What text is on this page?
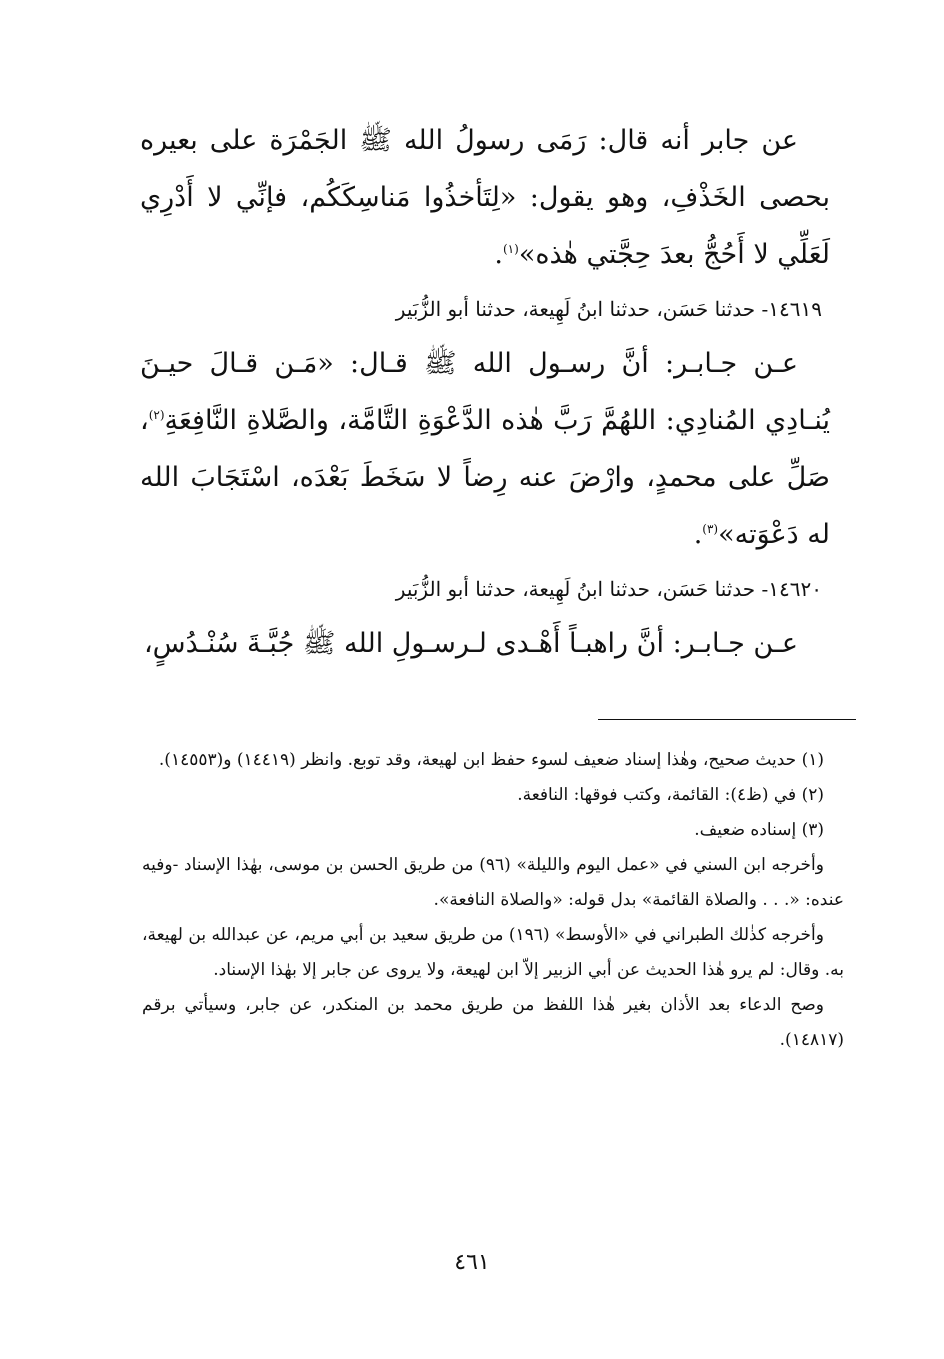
عن جابر أنه قال: رَمَى رسولُ الله ﷺ الجَمْرَة على بعيره بحصى الخَذْفِ، وهو يقول: «لِتَأخذُوا مَناسِكَكُم، فإنِّي لا أَدْرِي لَعَلِّي لا أَحُجُّ بعدَ حِجَّتي هٰذه»$^{(١)}$.

١٤٦١٩- حدثنا حَسَن، حدثنا ابنُ لَهِيعة، حدثنا أبو الزُّبَير

عـن جـابـر: أنَّ رسـول الله ﷺ قـال: «مَـن قـالَ حيـنَ يُنـادِي المُنادِي: اللهُمَّ رَبَّ هٰذه الدَّعْوَةِ التَّامَّة، والصَّلاةِ النَّافِعَةِ$^{(٢)}$، صَلِّ على محمدٍ، وارْضَ عنه رِضاً لا سَخَطَ بَعْدَه، اسْتَجَابَ الله له دَعْوَته»$^{(٣)}$.

١٤٦٢٠- حدثنا حَسَن، حدثنا ابنُ لَهِيعة، حدثنا أبو الزُّبَير

عـن جـابـر: أنَّ راهبـاً أَهْـدى لـرسـولِ الله ﷺ جُبَّـةَ سُنْـدُسٍ،

(١) حديث صحيح، وهٰذا إسناد ضعيف لسوء حفظ ابن لهيعة، وقد توبع. وانظر (١٤٤١٩) و(١٤٥٥٣).

(٢) في (ظ٤): القائمة، وكتب فوقها: النافعة.

(٣) إسناده ضعيف.

وأخرجه ابن السني في «عمل اليوم والليلة» (٩٦) من طريق الحسن بن موسى، بهٰذا الإسناد -وفيه عنده: «. . . والصلاة القائمة» بدل قوله: «والصلاة النافعة».

وأخرجه كذٰلك الطبراني في «الأوسط» (١٩٦) من طريق سعيد بن أبي مريم، عن عبدالله بن لهيعة، به. وقال: لم يرو هٰذا الحديث عن أبي الزبير إلاّ ابن لهيعة، ولا يروى عن جابر إلا بهٰذا الإسناد.

وصح الدعاء بعد الأذان بغير هٰذا اللفظ من طريق محمد بن المنكدر، عن جابر، وسيأتي برقم (١٤٨١٧).

٤٦١
